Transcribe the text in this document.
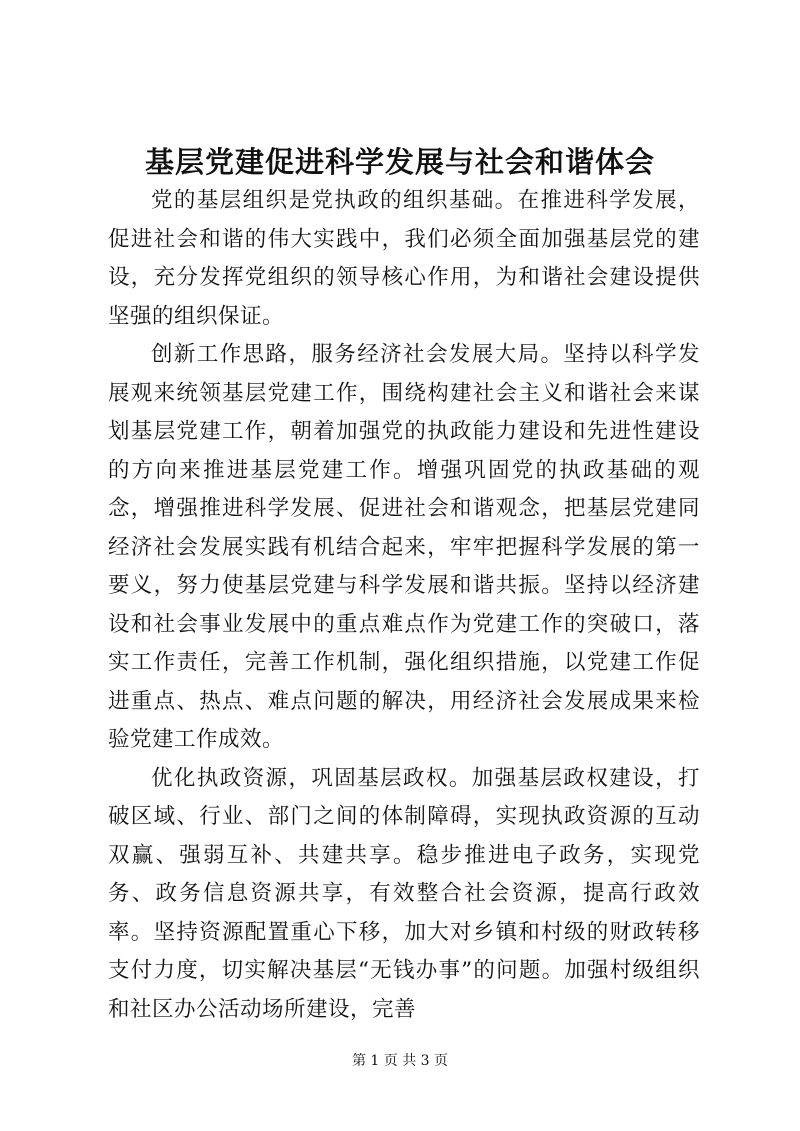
基层党建促进科学发展与社会和谐体会

党的基层组织是党执政的组织基础。在推进科学发展，促进社会和谐的伟大实践中，我们必须全面加强基层党的建设，充分发挥党组织的领导核心作用，为和谐社会建设提供坚强的组织保证。

创新工作思路，服务经济社会发展大局。坚持以科学发展观来统领基层党建工作，围绕构建社会主义和谐社会来谋划基层党建工作，朝着加强党的执政能力建设和先进性建设的方向来推进基层党建工作。增强巩固党的执政基础的观念，增强推进科学发展、促进社会和谐观念，把基层党建同经济社会发展实践有机结合起来，牢牢把握科学发展的第一要义，努力使基层党建与科学发展和谐共振。坚持以经济建设和社会事业发展中的重点难点作为党建工作的突破口，落实工作责任，完善工作机制，强化组织措施，以党建工作促进重点、热点、难点问题的解决，用经济社会发展成果来检验党建工作成效。

优化执政资源，巩固基层政权。加强基层政权建设，打破区域、行业、部门之间的体制障碍，实现执政资源的互动双赢、强弱互补、共建共享。稳步推进电子政务，实现党务、政务信息资源共享，有效整合社会资源，提高行政效率。坚持资源配置重心下移，加大对乡镇和村级的财政转移支付力度，切实解决基层“无钱办事”的问题。加强村级组织和社区办公活动场所建设，完善

第 1 页 共 3 页
